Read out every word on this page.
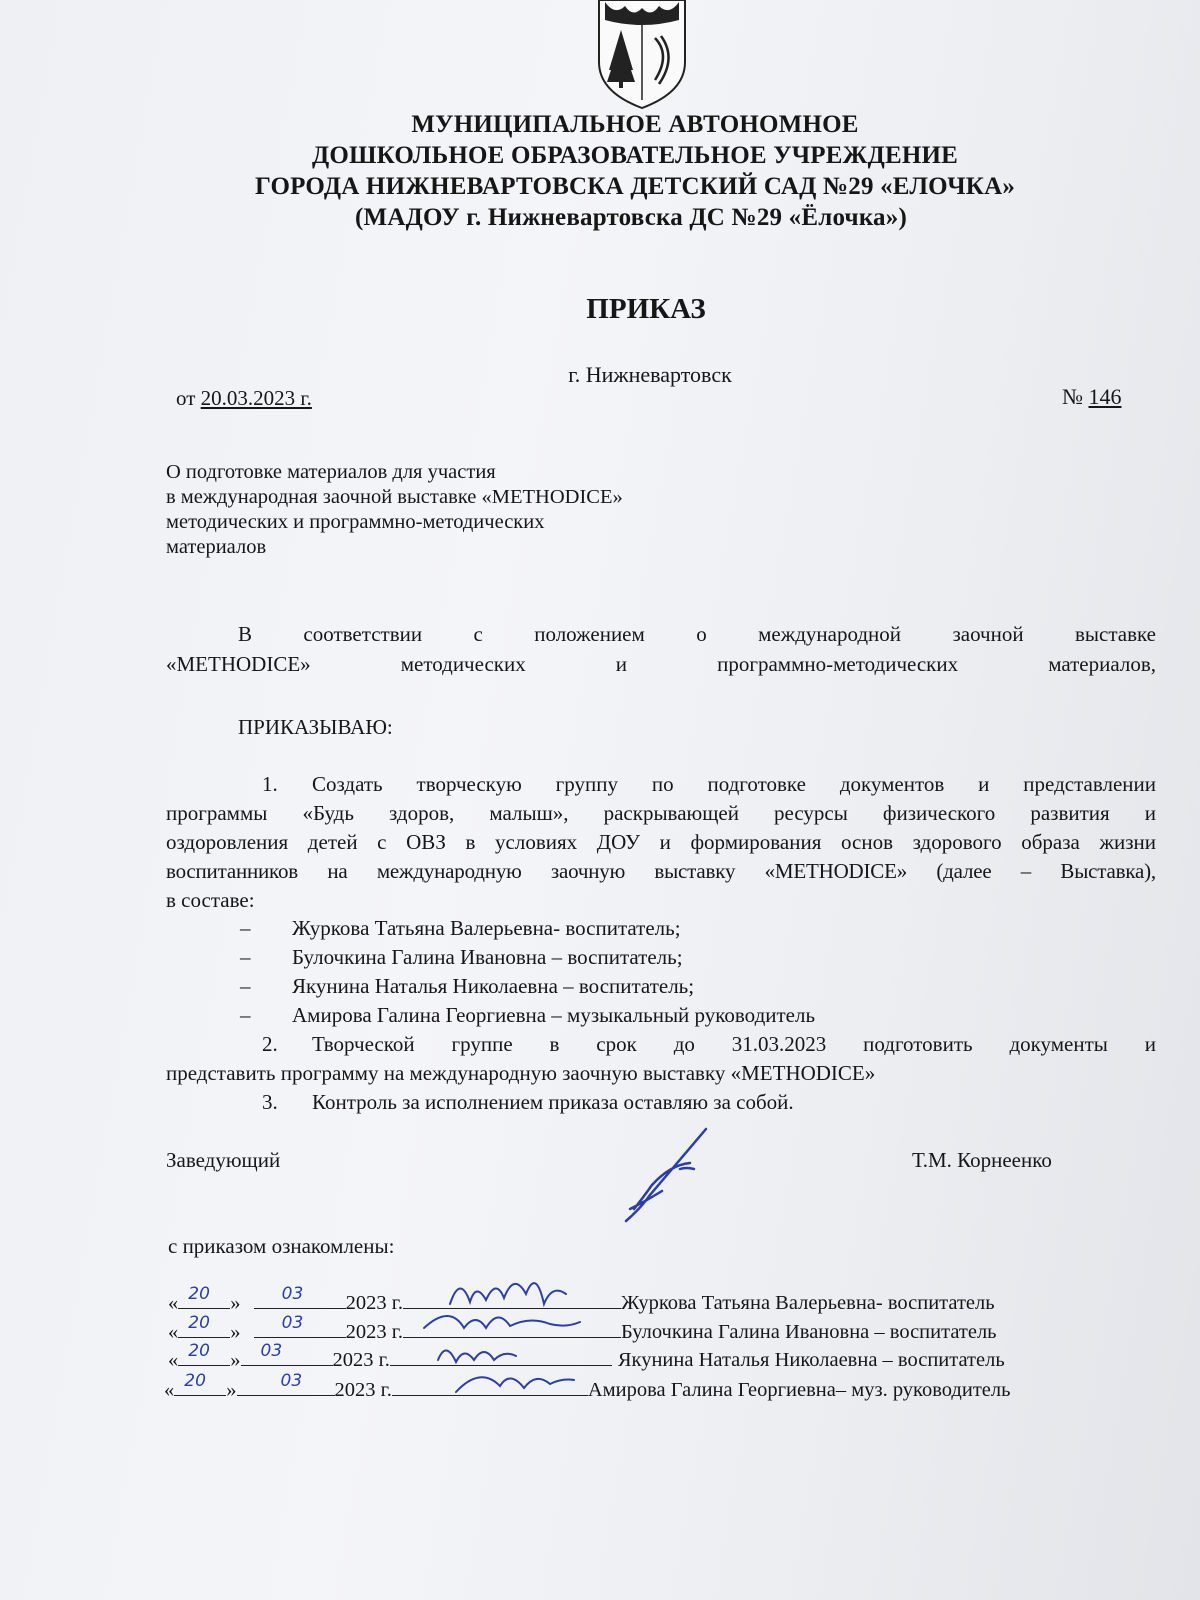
МУНИЦИПАЛЬНОЕ АВТОНОМНОЕ
ДОШКОЛЬНОЕ ОБРАЗОВАТЕЛЬНОЕ УЧРЕЖДЕНИЕ
ГОРОДА НИЖНЕВАРТОВСКА ДЕТСКИЙ САД №29 «ЕЛОЧКА»
(МАДОУ г. Нижневартовска ДС №29 «Ёлочка»)
ПРИКАЗ
г. Нижневартовск
от 20.03.2023 г.	№ 146
О подготовке материалов для участия
в международная заочной выставке «METHODICE»
методических и программно-методических
материалов
В соответствии с положением о международной заочной выставке
«METHODICE» методических и программно-методических материалов,
ПРИКАЗЫВАЮ:
1.	Создать творческую группу по подготовке документов и представлении
программы «Будь здоров, малыш», раскрывающей ресурсы физического развития и
оздоровления детей с ОВЗ в условиях ДОУ и формирования основ здорового образа жизни
воспитанников на международную заочную выставку «METHODICE» (далее – Выставка),
в составе:
– Журкова Татьяна Валерьевна- воспитатель;
– Булочкина Галина Ивановна – воспитатель;
– Якунина Наталья Николаевна – воспитатель;
– Амирова Галина Георгиевна – музыкальный руководитель
2.	Творческой группе в срок до 31.03.2023 подготовить документы и
представить программу на международную заочную выставку «METHODICE»
3. Контроль за исполнением приказа оставляю за собой.
Заведующий	Т.М. Корнеенко
с приказом ознакомлены:
« 20 » 03 2023 г.	Журкова Татьяна Валерьевна- воспитатель
« 20 » 03 2023 г.	Булочкина Галина Ивановна – воспитатель
« 20 » 03 2023 г.	Якунина Наталья Николаевна – воспитатель
« 20 »	03 2023 г.	Амирова Галина Георгиевна– муз. руководитель
